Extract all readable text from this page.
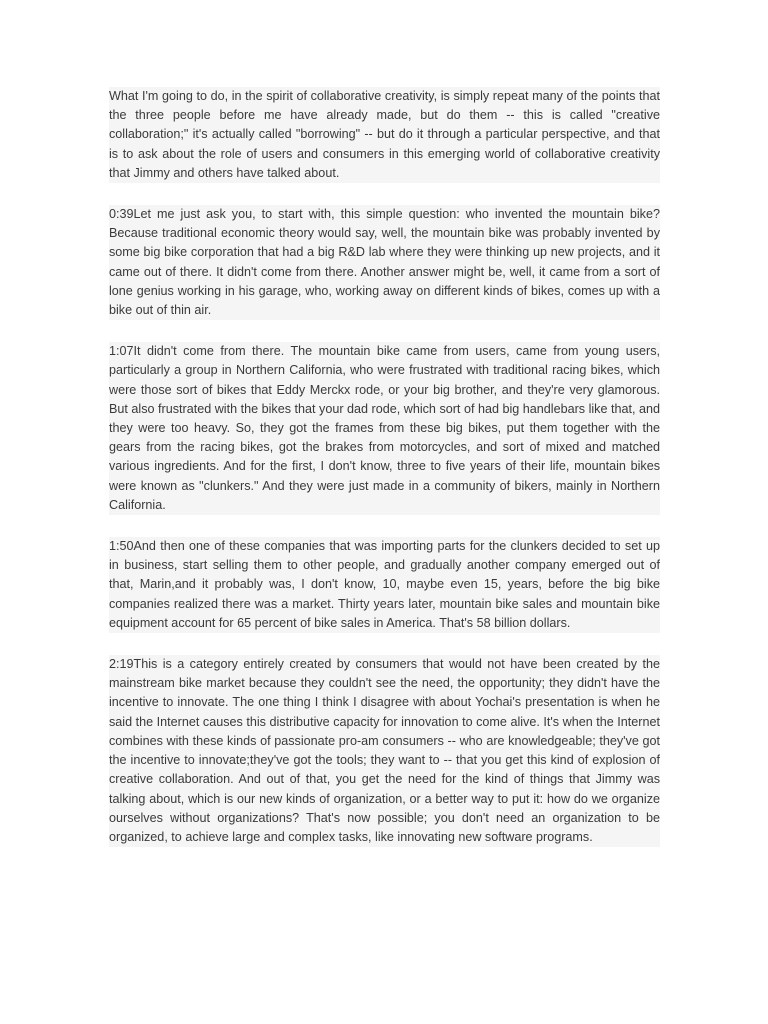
What I'm going to do, in the spirit of collaborative creativity, is simply repeat many of the points that the three people before me have already made, but do them -- this is called "creative collaboration;" it's actually called "borrowing" -- but do it through a particular perspective, and that is to ask about the role of users and consumers in this emerging world of collaborative creativity that Jimmy and others have talked about.

0:39Let me just ask you, to start with, this simple question: who invented the mountain bike? Because traditional economic theory would say, well, the mountain bike was probably invented by some big bike corporation that had a big R&D lab where they were thinking up new projects, and it came out of there. It didn't come from there. Another answer might be, well, it came from a sort of lone genius working in his garage, who, working away on different kinds of bikes, comes up with a bike out of thin air.

1:07It didn't come from there. The mountain bike came from users, came from young users, particularly a group in Northern California, who were frustrated with traditional racing bikes, which were those sort of bikes that Eddy Merckx rode, or your big brother, and they're very glamorous. But also frustrated with the bikes that your dad rode, which sort of had big handlebars like that, and they were too heavy. So, they got the frames from these big bikes, put them together with the gears from the racing bikes, got the brakes from motorcycles, and sort of mixed and matched various ingredients. And for the first, I don't know, three to five years of their life, mountain bikes were known as "clunkers." And they were just made in a community of bikers, mainly in Northern California.

1:50And then one of these companies that was importing parts for the clunkers decided to set up in business, start selling them to other people, and gradually another company emerged out of that, Marin,and it probably was, I don't know, 10, maybe even 15, years, before the big bike companies realized there was a market. Thirty years later, mountain bike sales and mountain bike equipment account for 65 percent of bike sales in America. That's 58 billion dollars.

2:19This is a category entirely created by consumers that would not have been created by the mainstream bike market because they couldn't see the need, the opportunity; they didn't have the incentive to innovate. The one thing I think I disagree with about Yochai's presentation is when he said the Internet causes this distributive capacity for innovation to come alive. It's when the Internet combines with these kinds of passionate pro-am consumers -- who are knowledgeable; they've got the incentive to innovate;they've got the tools; they want to -- that you get this kind of explosion of creative collaboration. And out of that, you get the need for the kind of things that Jimmy was talking about, which is our new kinds of organization, or a better way to put it: how do we organize ourselves without organizations? That's now possible; you don't need an organization to be organized, to achieve large and complex tasks, like innovating new software programs.
